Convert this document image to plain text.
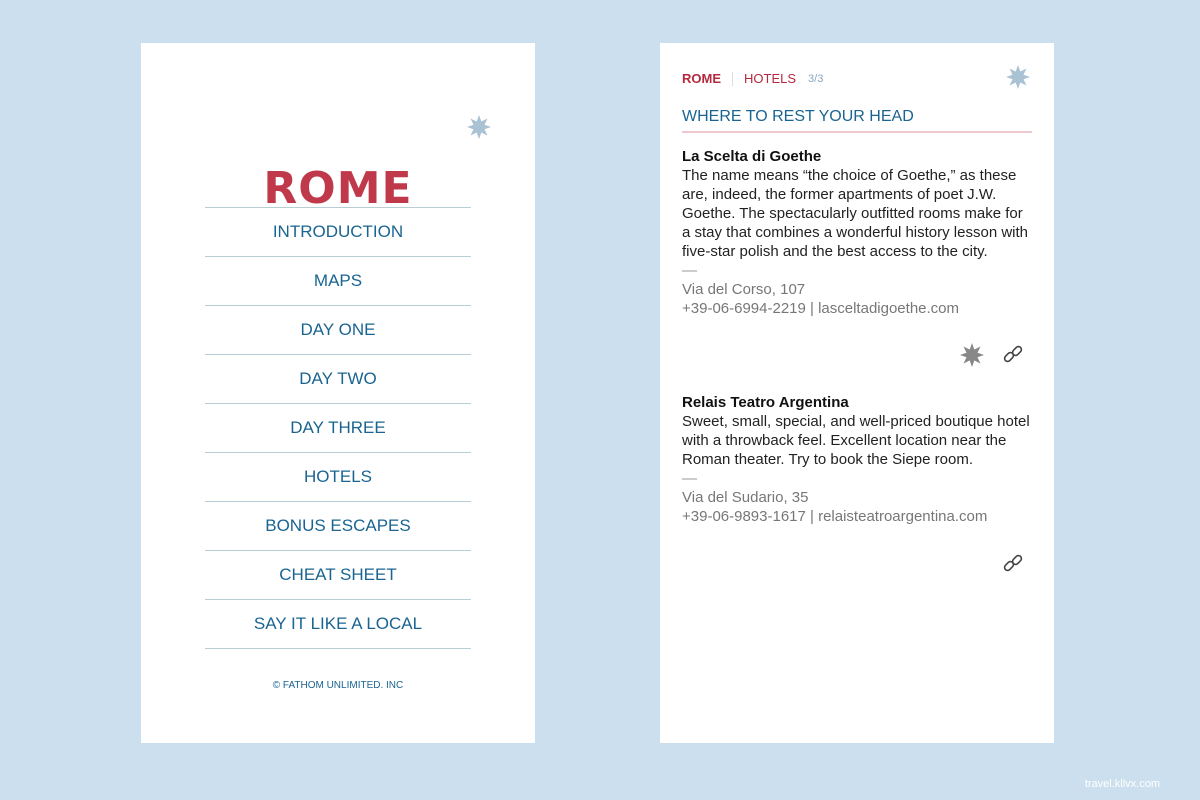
ROME
INTRODUCTION
MAPS
DAY ONE
DAY TWO
DAY THREE
HOTELS
BONUS ESCAPES
CHEAT SHEET
SAY IT LIKE A LOCAL
© FATHOM UNLIMITED. INC
ROME HOTELS 3/3
WHERE TO REST YOUR HEAD
La Scelta di Goethe
The name means “the choice of Goethe,” as these are, indeed, the former apartments of poet J.W. Goethe. The spectacularly outfitted rooms make for a stay that combines a wonderful history lesson with five-star polish and the best access to the city.
—
Via del Corso, 107
+39-06-6994-2219 | lasceltadigoethe.com
Relais Teatro Argentina
Sweet, small, special, and well-priced boutique hotel with a throwback feel. Excellent location near the Roman theater. Try to book the Siepe room.
—
Via del Sudario, 35
+39-06-9893-1617 | relaisteatroargentina.com
travel.kllvx.com
